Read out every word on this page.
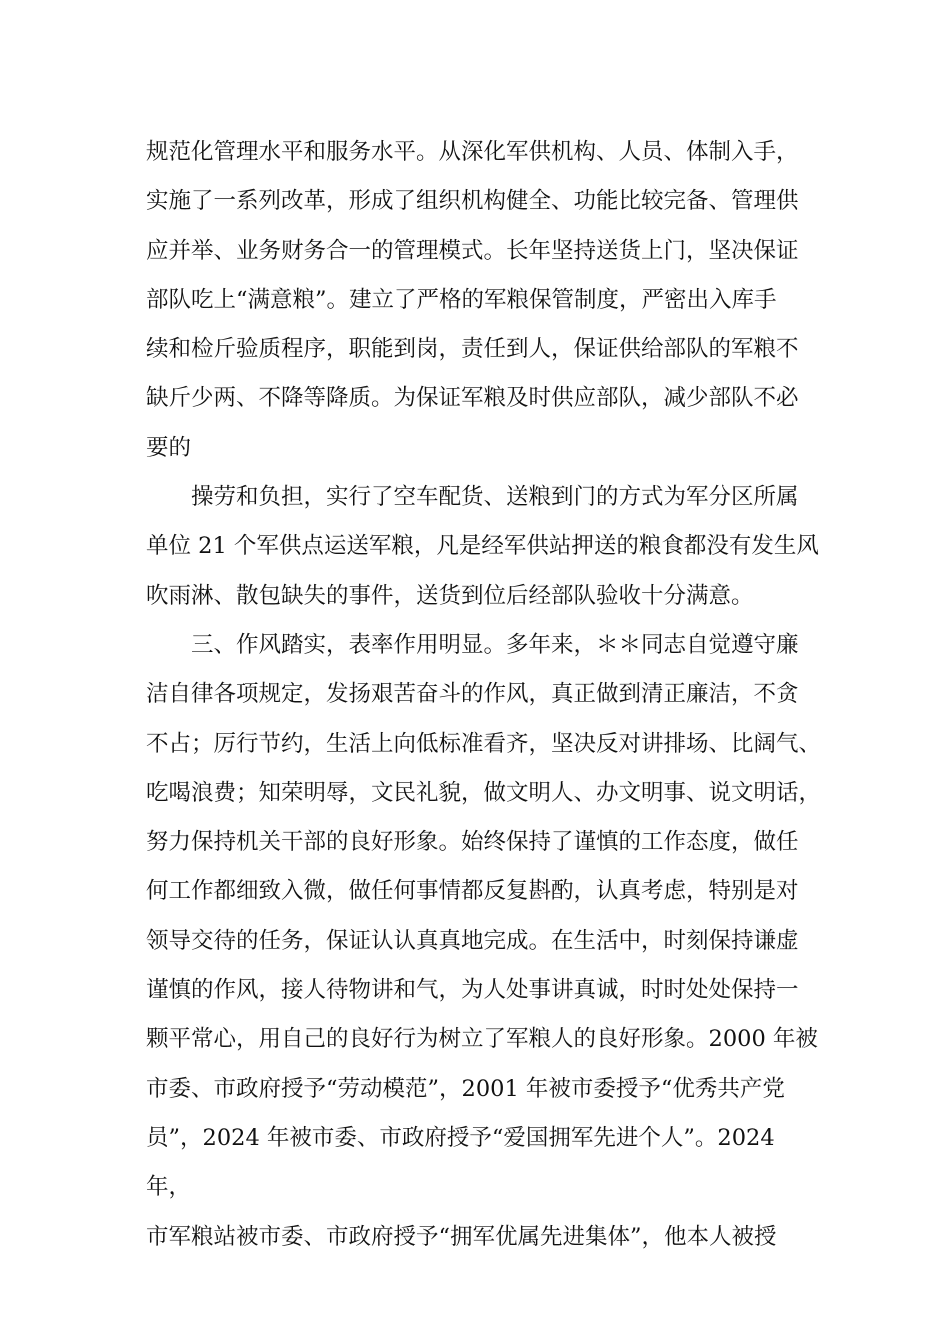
规范化管理水平和服务水平。从深化军供机构、人员、体制入手，
实施了一系列改革，形成了组织机构健全、功能比较完备、管理供
应并举、业务财务合一的管理模式。长年坚持送货上门，坚决保证
部队吃上“满意粮”。建立了严格的军粮保管制度，严密出入库手
续和检斤验质程序，职能到岗，责任到人，保证供给部队的军粮不
缺斤少两、不降等降质。为保证军粮及时供应部队，减少部队不必
要的

操劳和负担，实行了空车配货、送粮到门的方式为军分区所属
单位 21 个军供点运送军粮，凡是经军供站押送的粮食都没有发生风
吹雨淋、散包缺失的事件，送货到位后经部队验收十分满意。

三、作风踏实，表率作用明显。多年来，＊＊同志自觉遵守廉
洁自律各项规定，发扬艰苦奋斗的作风，真正做到清正廉洁，不贪
不占；厉行节约，生活上向低标准看齐，坚决反对讲排场、比阔气、
吃喝浪费；知荣明辱，文民礼貌，做文明人、办文明事、说文明话，
努力保持机关干部的良好形象。始终保持了谨慎的工作态度，做任
何工作都细致入微，做任何事情都反复斟酌，认真考虑，特别是对
领导交待的任务，保证认认真真地完成。在生活中，时刻保持谦虚
谨慎的作风，接人待物讲和气，为人处事讲真诚，时时处处保持一
颗平常心，用自己的良好行为树立了军粮人的良好形象。2000 年被
市委、市政府授予“劳动模范”，2001 年被市委授予“优秀共产党
员”，2024 年被市委、市政府授予“爱国拥军先进个人”。2024 年，
市军粮站被市委、市政府授予“拥军优属先进集体”，他本人被授
